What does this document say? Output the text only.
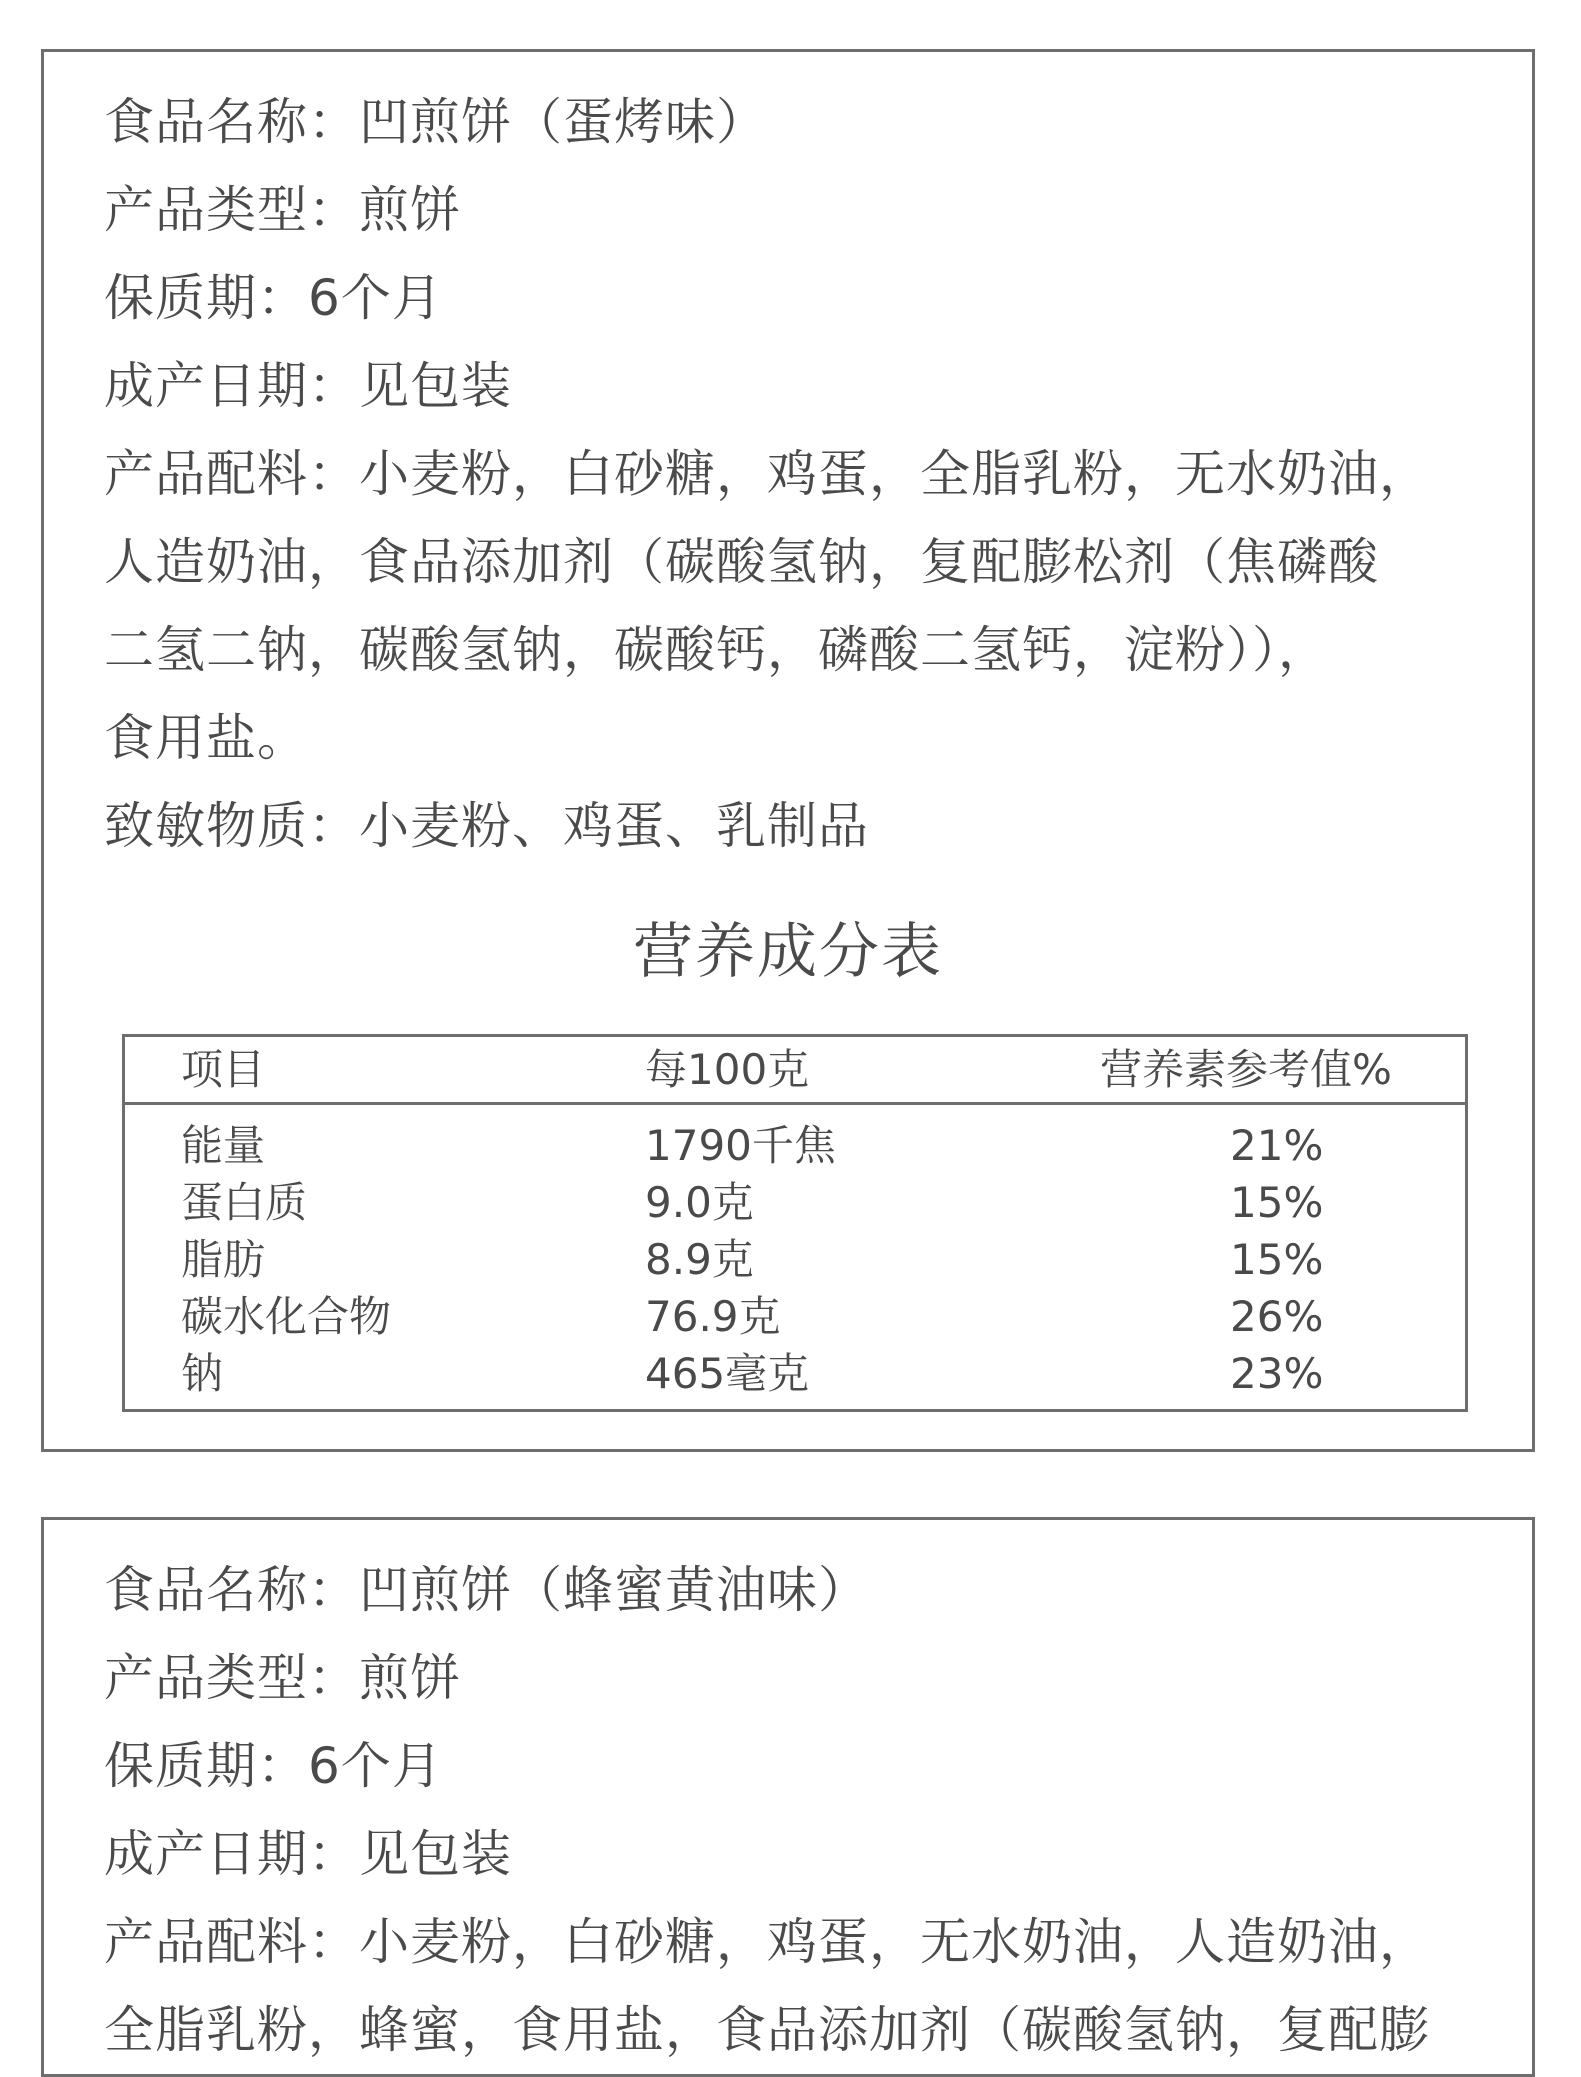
食品名称：凹煎饼（蛋烤味）
产品类型：煎饼
保质期：6个月
成产日期：见包装
产品配料：小麦粉，白砂糖，鸡蛋，全脂乳粉，无水奶油，
人造奶油，食品添加剂（碳酸氢钠，复配膨松剂（焦磷酸
二氢二钠，碳酸氢钠，碳酸钙，磷酸二氢钙，淀粉）），
食用盐。
致敏物质：小麦粉、鸡蛋、乳制品
营养成分表
项目	每100克	营养素参考值%
能量	1790千焦	21%
蛋白质	9.0克	15%
脂肪	8.9克	15%
碳水化合物	76.9克	26%
钠	465毫克	23%
食品名称：凹煎饼（蜂蜜黄油味）
产品类型：煎饼
保质期：6个月
成产日期：见包装
产品配料：小麦粉，白砂糖，鸡蛋，无水奶油，人造奶油，
全脂乳粉，蜂蜜，食用盐，食品添加剂（碳酸氢钠，复配膨
